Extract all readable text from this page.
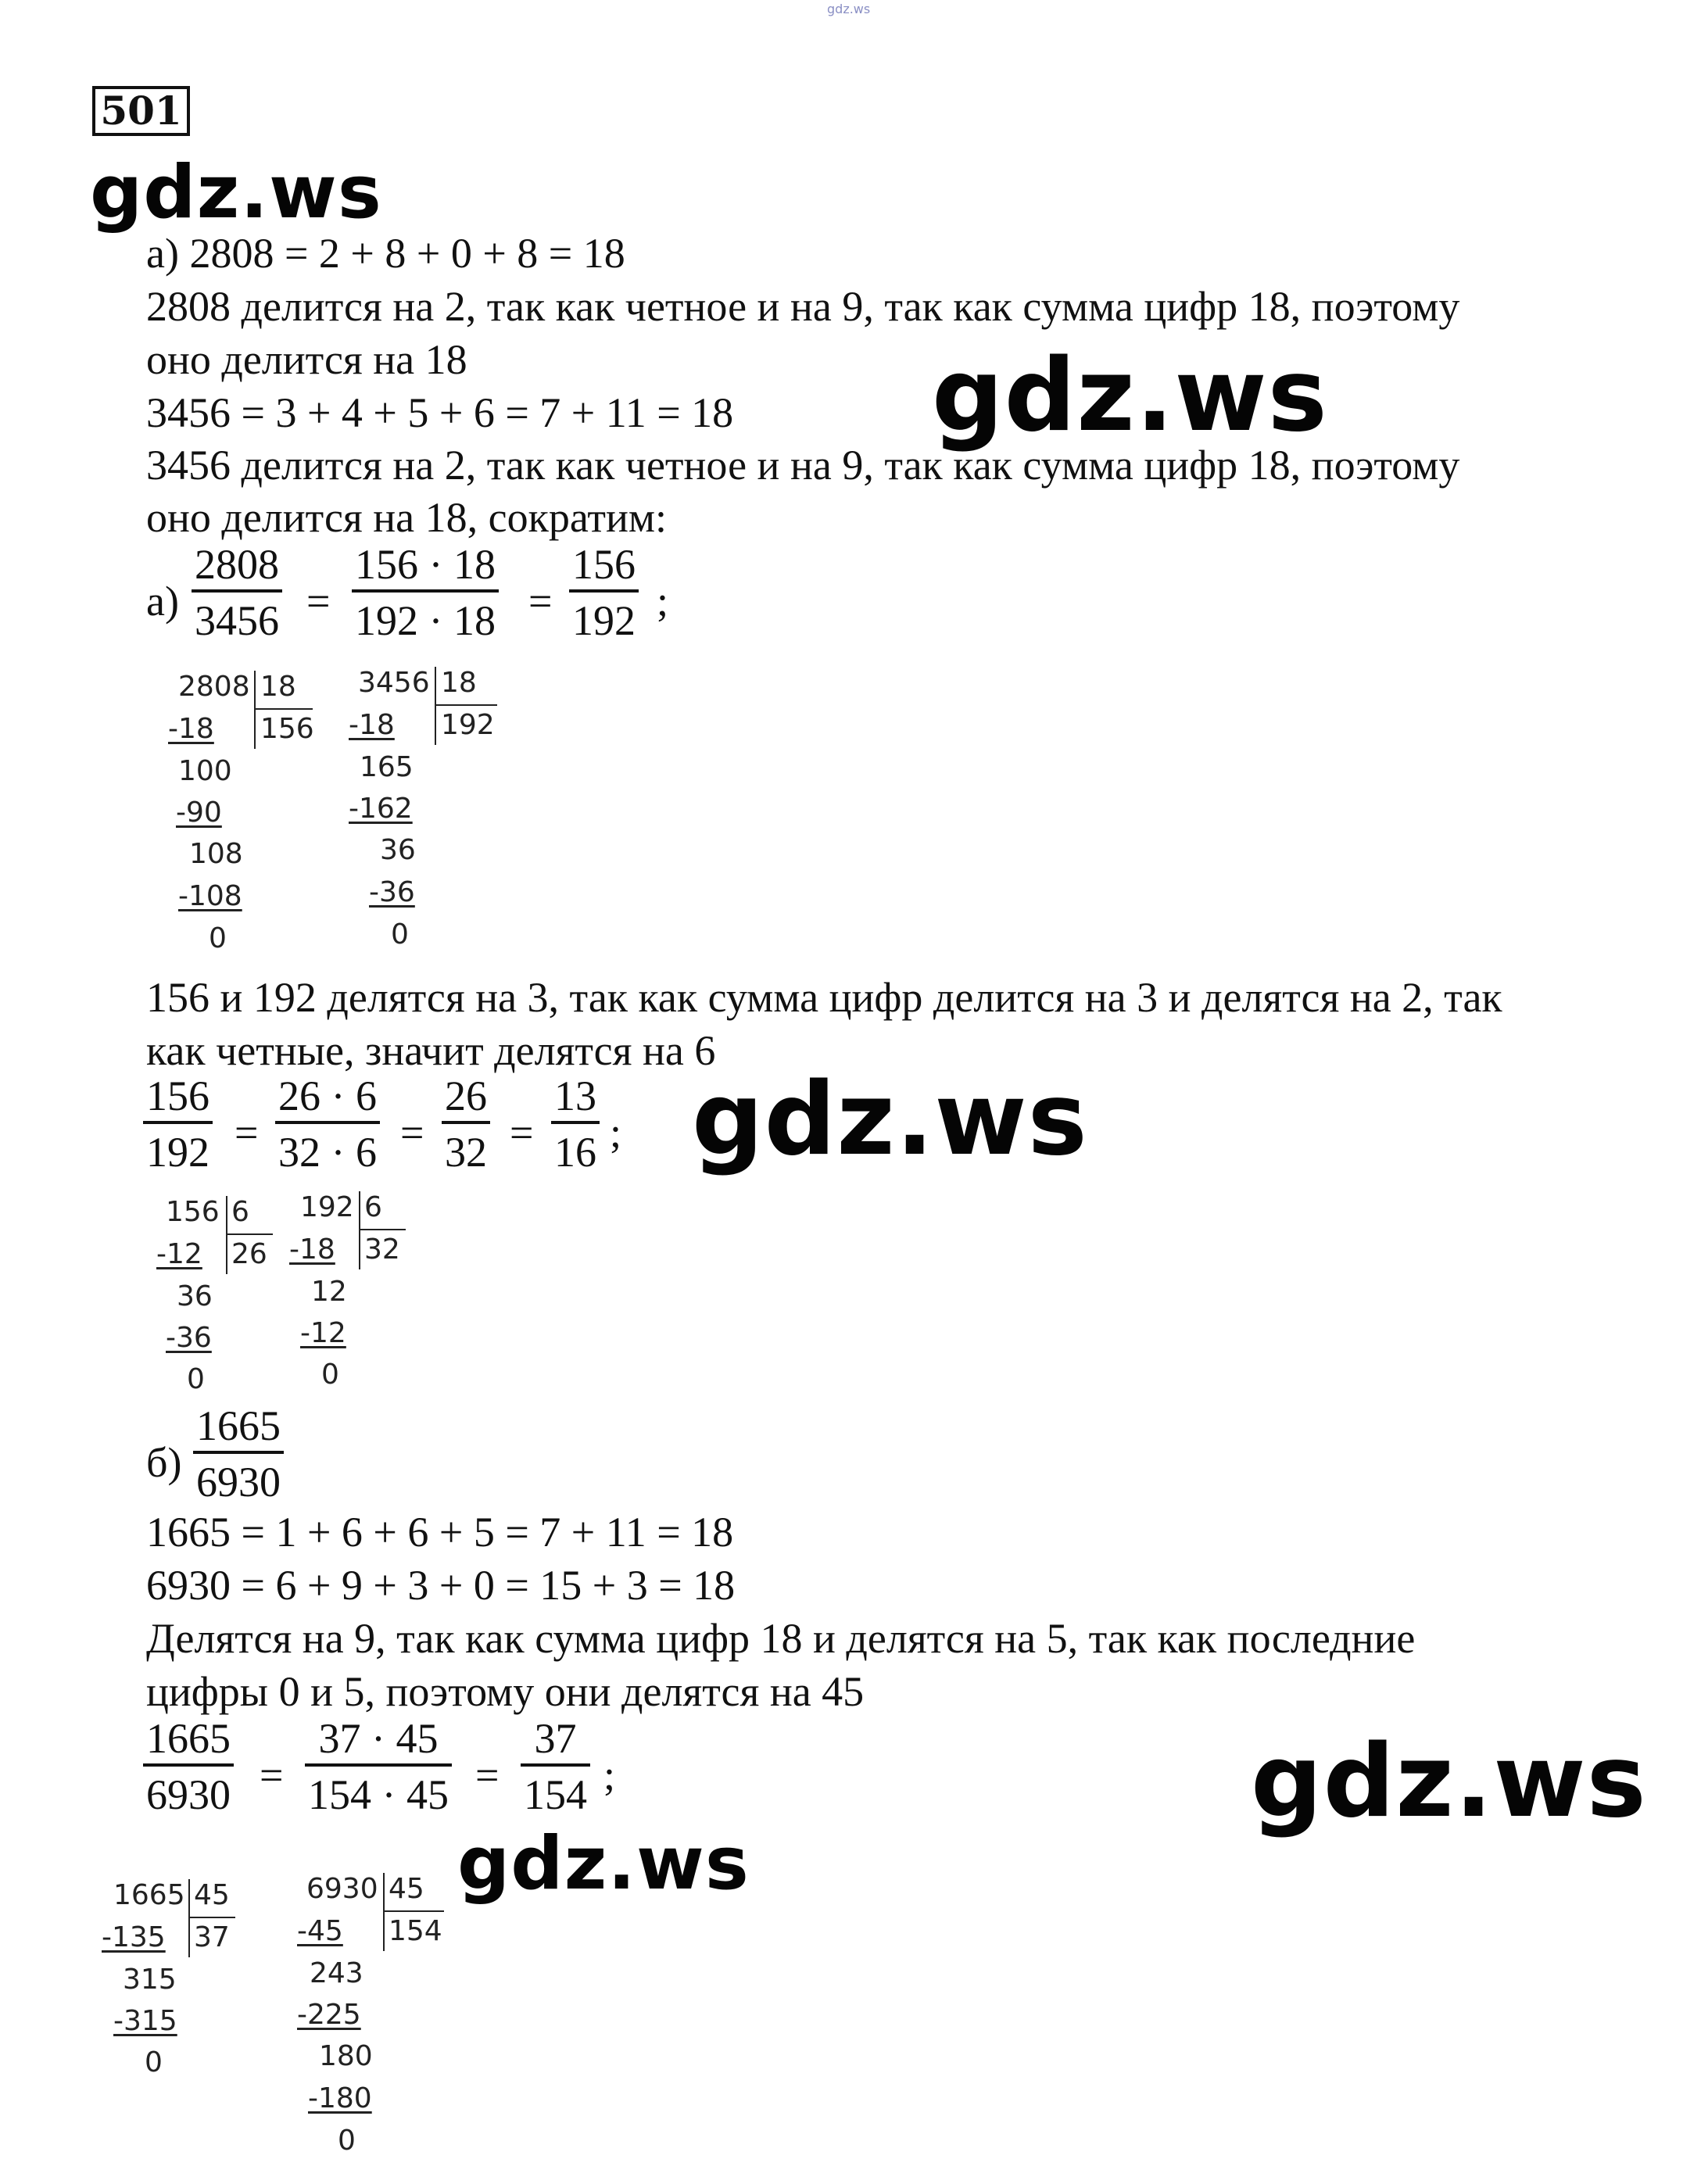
gdz.ws
501
gdz.ws
gdz.ws
gdz.ws
gdz.ws
gdz.ws
а) 2808 = 2 + 8 + 0 + 8 = 18
2808 делится на 2, так как четное и на 9, так как сумма цифр 18, поэтому
оно делится на 18
3456 = 3 + 4 + 5 + 6 = 7 + 11 = 18
3456 делится на 2, так как четное и на 9, так как сумма цифр 18, поэтому
оно делится на 18, сократим:
а)
2808
3456 =
156 · 18
192 · 18 =
156
192 ;
2808 18
156
-18
100
-90
108
-108
0
3456 18
192
-18
165
-162
36
-36
0
156 и 192 делятся на 3, так как сумма цифр делится на 3 и делятся на 2, так
как четные, значит делятся на 6
156
192 =
26 · 6
32 · 6 =
26
32 =
13
16 ;
156 6
26
-12
36
-36
0
192 6
32
-18
12
-12
0
б)
1665
6930
1665 = 1 + 6 + 6 + 5 = 7 + 11 = 18
6930 = 6 + 9 + 3 + 0 = 15 + 3 = 18
Делятся на 9, так как сумма цифр 18 и делятся на 5, так как последние
цифры 0 и 5, поэтому они делятся на 45
1665
6930 =
37 · 45
154 · 45 =
37
154 ;
1665 45
37
-135
315
-315
0
6930 45
154
-45
243
-225
180
-180
0
